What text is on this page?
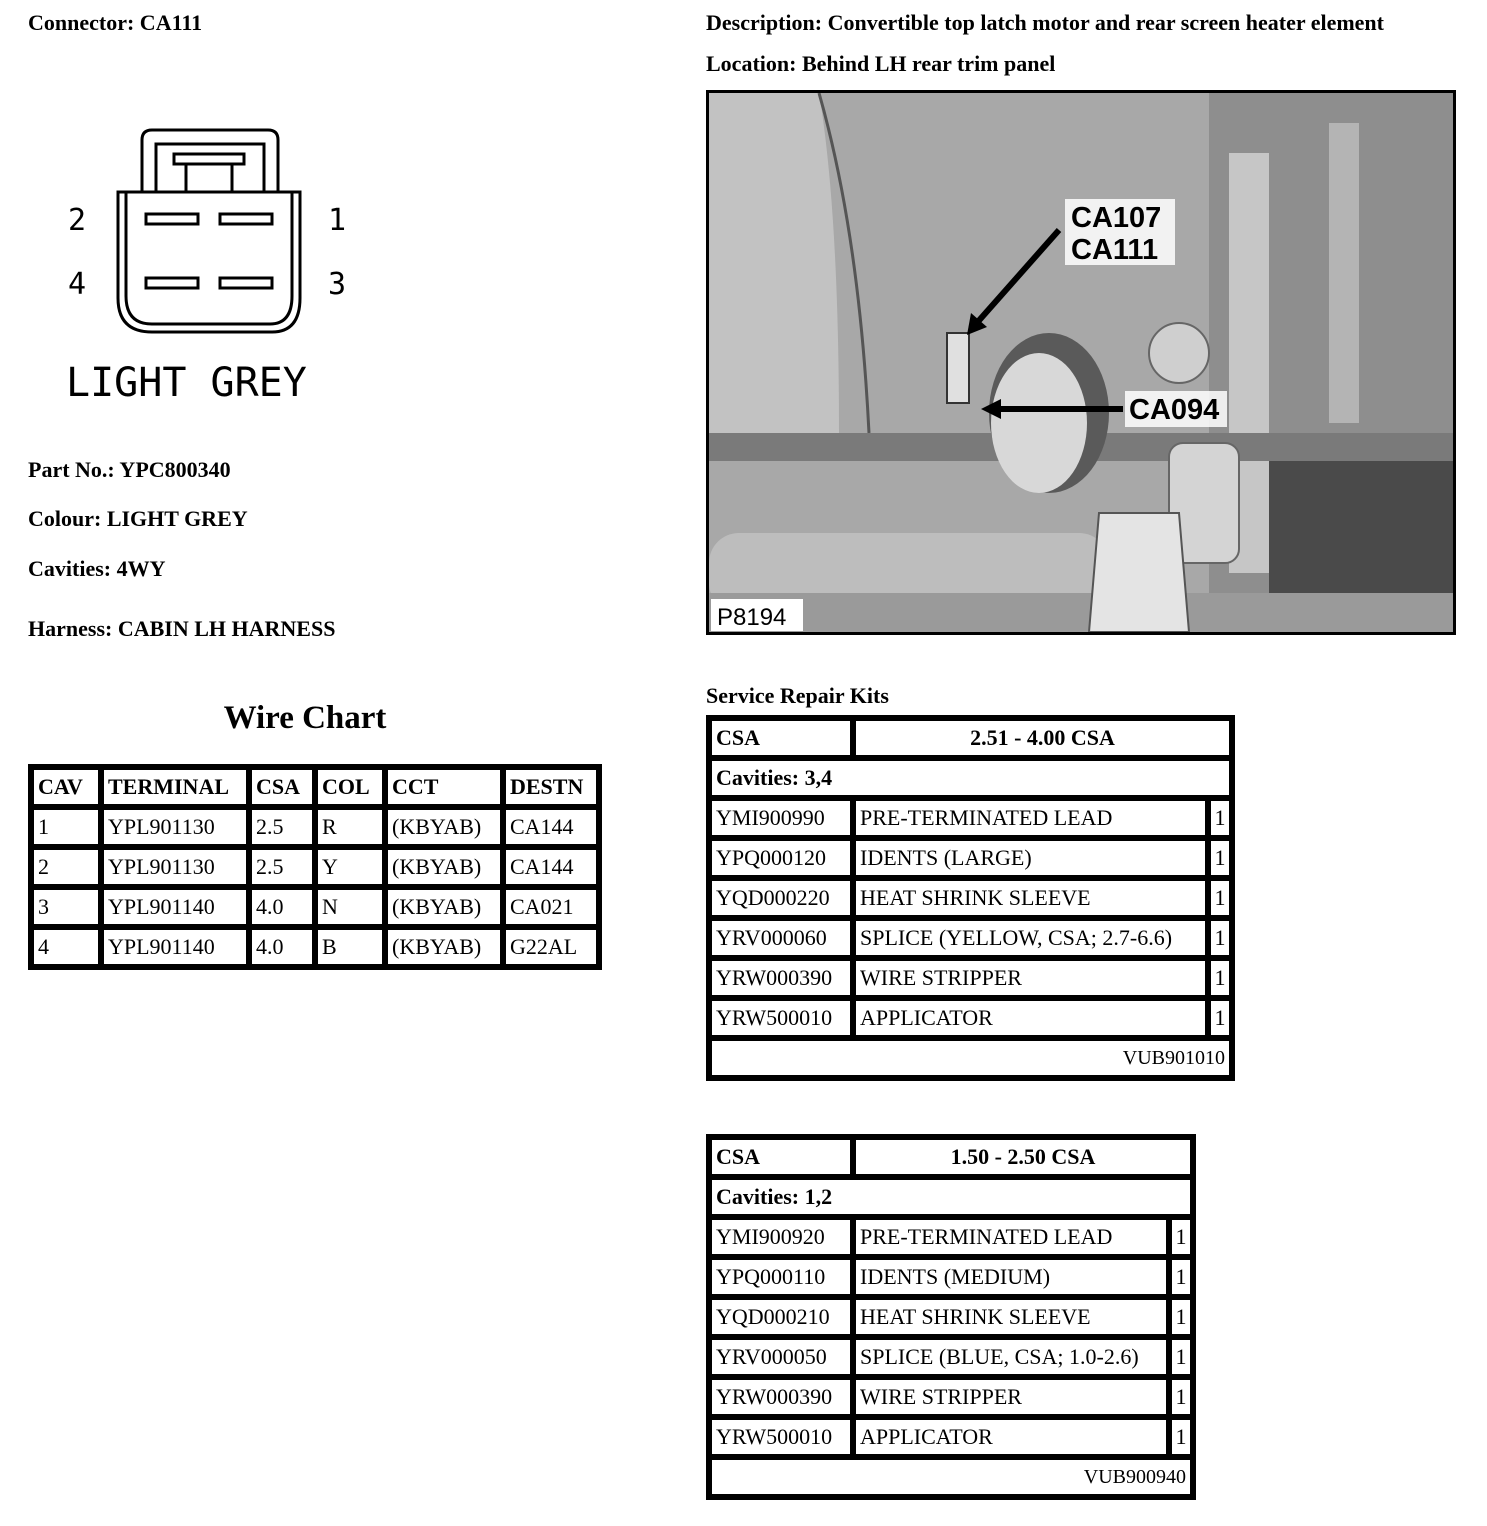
Connector: CA111	Description: Convertible top latch motor and rear screen heater element
Location: Behind LH rear trim panel
2	1
4	3
LIGHT GREY
Part No.: YPC800340
Colour: LIGHT GREY
Cavities: 4WY
Harness: CABIN LH HARNESS
Wire Chart
CAV	TERMINAL	CSA	COL	CCT	DESTN
1	YPL901130	2.5	R	(KBYAB)	CA144
2	YPL901130	2.5	Y	(KBYAB)	CA144
3	YPL901140	4.0	N	(KBYAB)	CA021
4	YPL901140	4.0	B	(KBYAB)	G22AL
CA107
CA111
CA094
P8194
Service Repair Kits
CSA	2.51 - 4.00 CSA	
Cavities: 3,4		
YMI900990	PRE-TERMINATED LEAD	1
YPQ000120	IDENTS (LARGE)	1
YQD000220	HEAT SHRINK SLEEVE	1
YRV000060	SPLICE (YELLOW, CSA; 2.7-6.6)	1
YRW000390	WIRE STRIPPER	1
YRW500010	APPLICATOR	1
VUB901010		
CSA	1.50 - 2.50 CSA	
Cavities: 1,2		
YMI900920	PRE-TERMINATED LEAD	1
YPQ000110	IDENTS (MEDIUM)	1
YQD000210	HEAT SHRINK SLEEVE	1
YRV000050	SPLICE (BLUE, CSA; 1.0-2.6)	1
YRW000390	WIRE STRIPPER	1
YRW500010	APPLICATOR	1
VUB900940		
